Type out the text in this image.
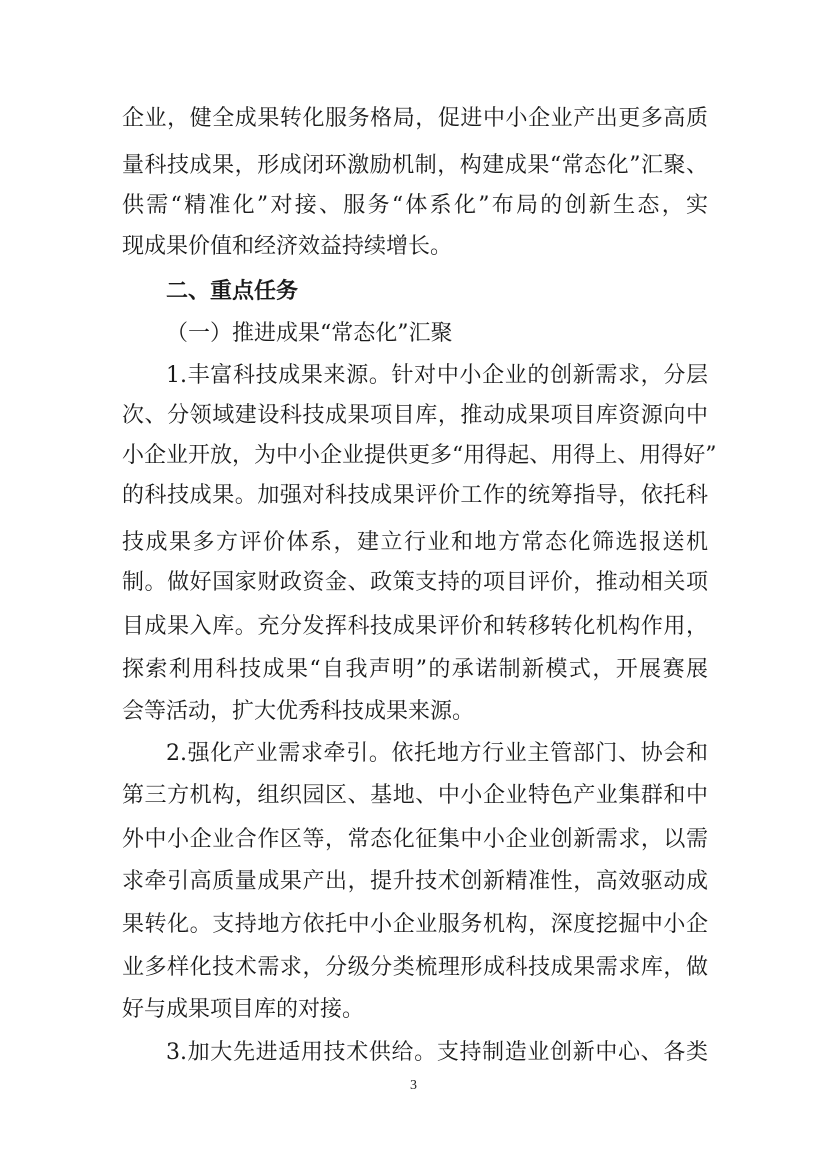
企业，健全成果转化服务格局，促进中小企业产出更多高质
量科技成果，形成闭环激励机制，构建成果“常态化”汇聚、
供需“精准化”对接、服务“体系化”布局的创新生态，实
现成果价值和经济效益持续增长。
二、重点任务
（一）推进成果“常态化”汇聚
1.丰富科技成果来源。针对中小企业的创新需求，分层
次、分领域建设科技成果项目库，推动成果项目库资源向中
小企业开放，为中小企业提供更多“用得起、用得上、用得好”
的科技成果。加强对科技成果评价工作的统筹指导，依托科
技成果多方评价体系，建立行业和地方常态化筛选报送机
制。做好国家财政资金、政策支持的项目评价，推动相关项
目成果入库。充分发挥科技成果评价和转移转化机构作用，
探索利用科技成果“自我声明”的承诺制新模式，开展赛展
会等活动，扩大优秀科技成果来源。
2.强化产业需求牵引。依托地方行业主管部门、协会和
第三方机构，组织园区、基地、中小企业特色产业集群和中
外中小企业合作区等，常态化征集中小企业创新需求，以需
求牵引高质量成果产出，提升技术创新精准性，高效驱动成
果转化。支持地方依托中小企业服务机构，深度挖掘中小企
业多样化技术需求，分级分类梳理形成科技成果需求库，做
好与成果项目库的对接。
3.加大先进适用技术供给。支持制造业创新中心、各类
3
